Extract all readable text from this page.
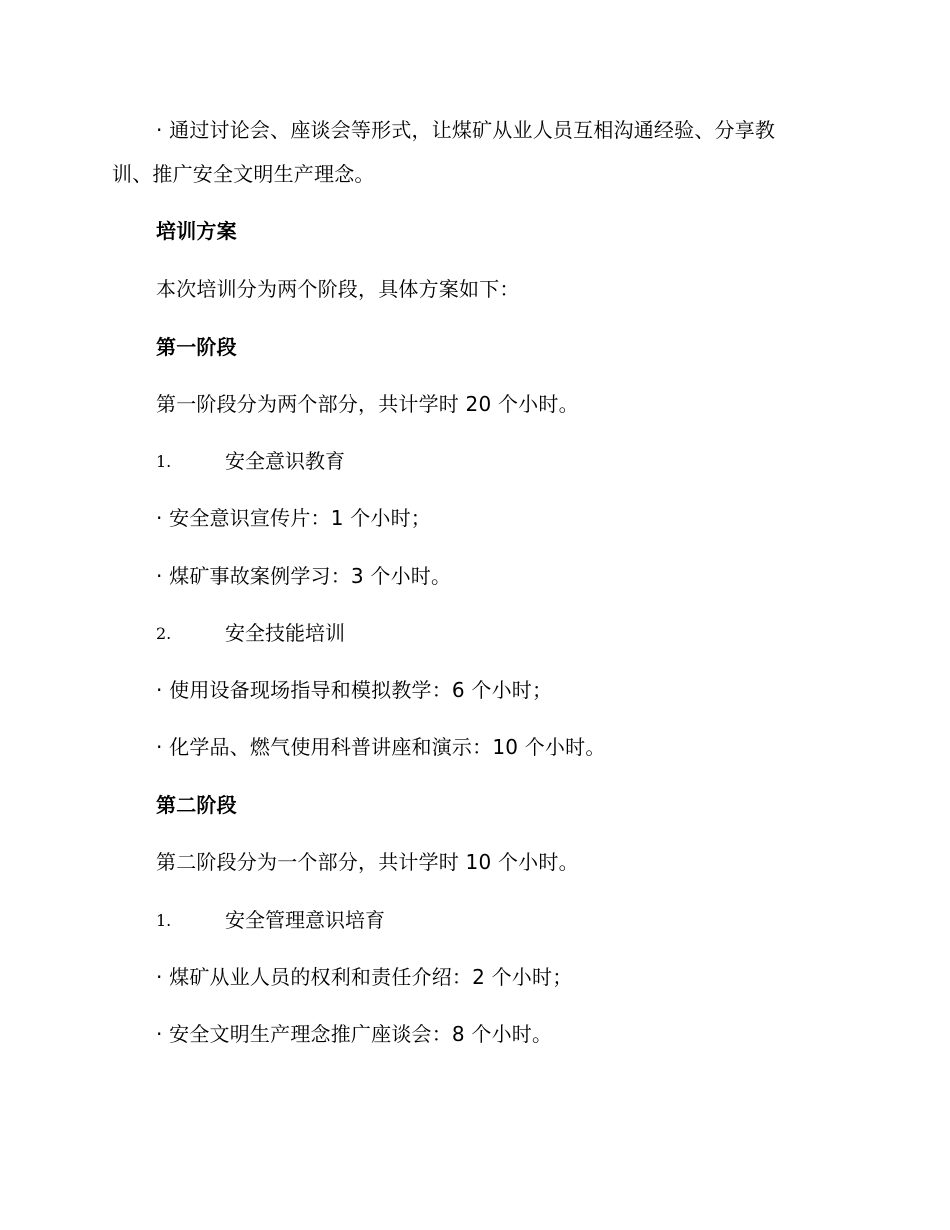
· 通过讨论会、座谈会等形式，让煤矿从业人员互相沟通经验、分享教
训、推广安全文明生产理念。
培训方案
本次培训分为两个阶段，具体方案如下：
第一阶段
第一阶段分为两个部分，共计学时 20 个小时。
1.	安全意识教育
· 安全意识宣传片：1 个小时；
· 煤矿事故案例学习：3 个小时。
2.	安全技能培训
· 使用设备现场指导和模拟教学：6 个小时；
· 化学品、燃气使用科普讲座和演示：10 个小时。
第二阶段
第二阶段分为一个部分，共计学时 10 个小时。
1.	安全管理意识培育
· 煤矿从业人员的权利和责任介绍：2 个小时；
· 安全文明生产理念推广座谈会：8 个小时。
